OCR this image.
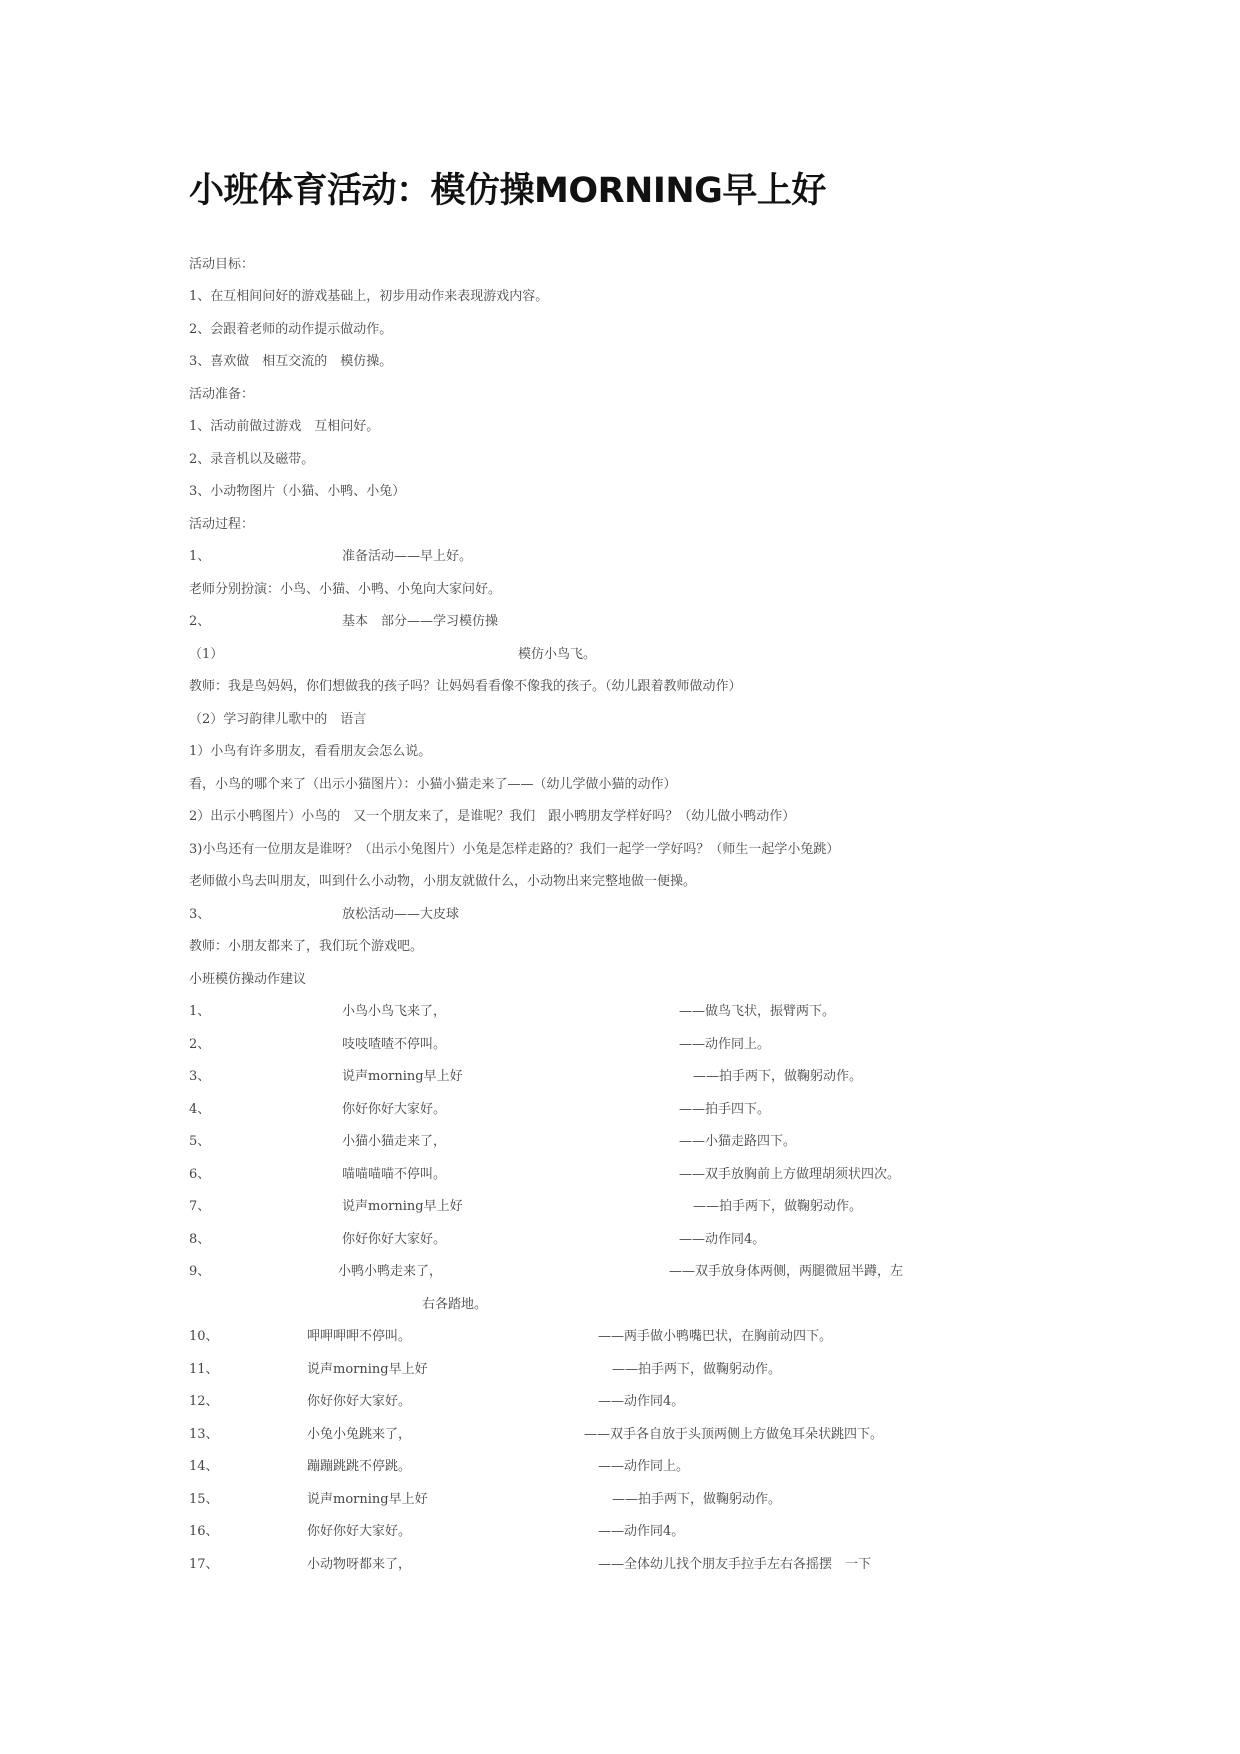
小班体育活动：模仿操MORNING早上好
活动目标：
1、在互相间问好的游戏基础上，初步用动作来表现游戏内容。
2、会跟着老师的动作提示做动作。
3、喜欢做　相互交流的　模仿操。
活动准备：
1、活动前做过游戏　互相问好。
2、录音机以及磁带。
3、小动物图片（小猫、小鸭、小兔）
活动过程：
1、	准备活动——早上好。
老师分别扮演：小鸟、小猫、小鸭、小兔向大家问好。
2、	基本　部分——学习模仿操
（1）	模仿小鸟飞。
教师：我是鸟妈妈，你们想做我的孩子吗？让妈妈看看像不像我的孩子。（幼儿跟着教师做动作）
（2）学习韵律儿歌中的　语言
1）小鸟有许多朋友，看看朋友会怎么说。
看，小鸟的哪个来了（出示小猫图片）：小猫小猫走来了——（幼儿学做小猫的动作）
2）出示小鸭图片）小鸟的　又一个朋友来了，是谁呢？我们　跟小鸭朋友学样好吗？（幼儿做小鸭动作）
3)小鸟还有一位朋友是谁呀？（出示小兔图片）小兔是怎样走路的？我们一起学一学好吗？（师生一起学小兔跳）
老师做小鸟去叫朋友，叫到什么小动物，小朋友就做什么，小动物出来完整地做一便操。
3、	放松活动——大皮球
教师：小朋友都来了，我们玩个游戏吧。
小班模仿操动作建议
1、	小鸟小鸟飞来了，	——做鸟飞状，振臂两下。
2、	吱吱喳喳不停叫。	——动作同上。
3、	说声morning早上好	——拍手两下，做鞠躬动作。
4、	你好你好大家好。	——拍手四下。
5、	小猫小猫走来了，	——小猫走路四下。
6、	喵喵喵喵不停叫。	——双手放胸前上方做理胡须状四次。
7、	说声morning早上好	——拍手两下，做鞠躬动作。
8、	你好你好大家好。	——动作同4。
9、	小鸭小鸭走来了，	——双手放身体两侧，两腿微屈半蹲，左
右各踏地。
10、	呷呷呷呷不停叫。	——两手做小鸭嘴巴状，在胸前动四下。
11、	说声morning早上好	——拍手两下，做鞠躬动作。
12、	你好你好大家好。	——动作同4。
13、	小兔小兔跳来了，	——双手各自放于头顶两侧上方做兔耳朵状跳四下。
14、	蹦蹦跳跳不停跳。	——动作同上。
15、	说声morning早上好	——拍手两下，做鞠躬动作。
16、	你好你好大家好。	——动作同4。
17、	小动物呀都来了，	——全体幼儿找个朋友手拉手左右各摇摆　一下
